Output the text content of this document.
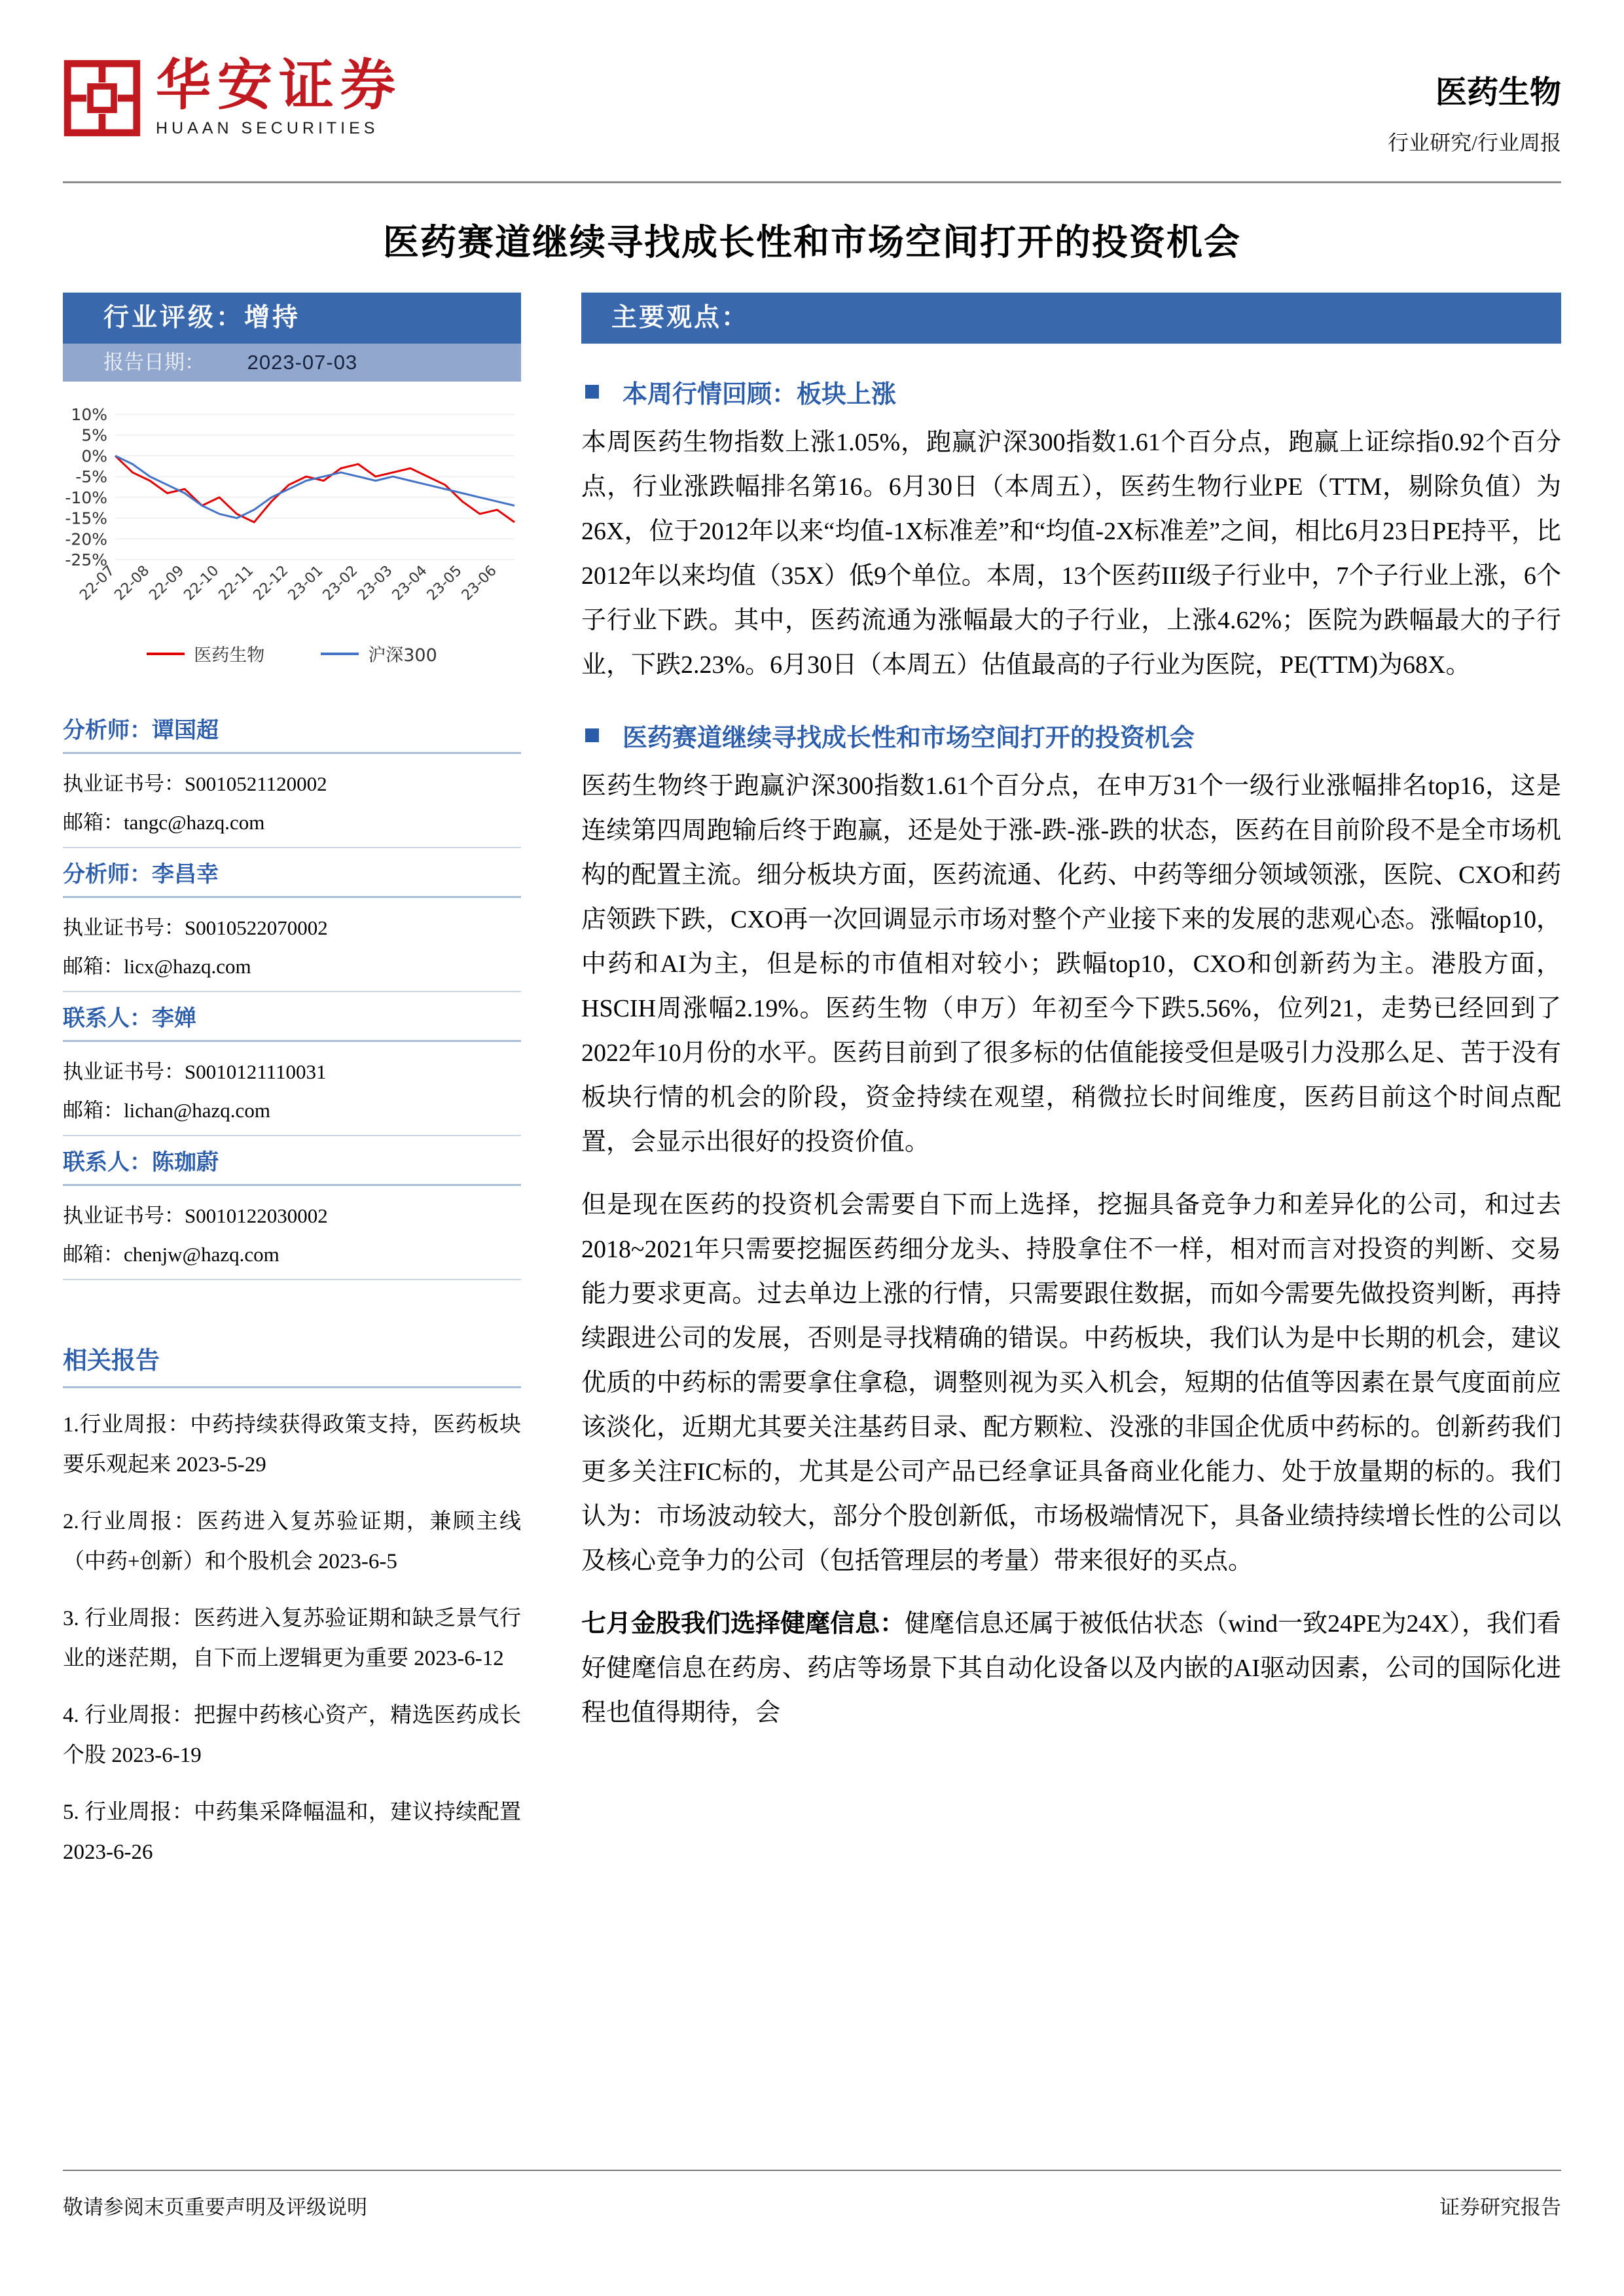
华安证券
HUAAN SECURITIES
医药生物
行业研究/行业周报
医药赛道继续寻找成长性和市场空间打开的投资机会
行业评级：增持
报告日期： 2023-07-03
10%
5%
0%
-5%
-10%
-15%
-20%
-25%
22-07
22-08
22-09
22-10
22-11
22-12
23-01
23-02
23-03
23-04
23-05
23-06
医药生物	沪深300
分析师：谭国超
执业证书号：S0010521120002
邮箱：tangc@hazq.com
分析师：李昌幸
执业证书号：S0010522070002
邮箱：licx@hazq.com
联系人：李婵
执业证书号：S0010121110031
邮箱：lichan@hazq.com
联系人：陈珈蔚
执业证书号：S0010122030002
邮箱：chenjw@hazq.com
相关报告

1.行业周报：中药持续获得政策支持，医药板块要乐观起来 2023-5-29

2.行业周报：医药进入复苏验证期，兼顾主线（中药+创新）和个股机会 2023-6-5

3. 行业周报：医药进入复苏验证期和缺乏景气行业的迷茫期，自下而上逻辑更为重要 2023-6-12

4. 行业周报：把握中药核心资产，精选医药成长个股 2023-6-19

5. 行业周报：中药集采降幅温和，建议持续配置 2023-6-26

主要观点：
本周行情回顾：板块上涨

本周医药生物指数上涨1.05%，跑赢沪深300指数1.61个百分点，跑赢上证综指0.92个百分点，行业涨跌幅排名第16。6月30日（本周五），医药生物行业PE（TTM，剔除负值）为26X，位于2012年以来“均值-1X标准差”和“均值-2X标准差”之间，相比6月23日PE持平，比2012年以来均值（35X）低9个单位。本周，13个医药III级子行业中，7个子行业上涨，6个子行业下跌。其中，医药流通为涨幅最大的子行业，上涨4.62%；医院为跌幅最大的子行业，下跌2.23%。6月30日（本周五）估值最高的子行业为医院，PE(TTM)为68X。

医药赛道继续寻找成长性和市场空间打开的投资机会

医药生物终于跑赢沪深300指数1.61个百分点，在申万31个一级行业涨幅排名top16，这是连续第四周跑输后终于跑赢，还是处于涨-跌-涨-跌的状态，医药在目前阶段不是全市场机构的配置主流。细分板块方面，医药流通、化药、中药等细分领域领涨，医院、CXO和药店领跌下跌，CXO再一次回调显示市场对整个产业接下来的发展的悲观心态。涨幅top10，中药和AI为主，但是标的市值相对较小；跌幅top10，CXO和创新药为主。港股方面，HSCIH周涨幅2.19%。医药生物（申万）年初至今下跌5.56%，位列21，走势已经回到了2022年10月份的水平。医药目前到了很多标的估值能接受但是吸引力没那么足、苦于没有板块行情的机会的阶段，资金持续在观望，稍微拉长时间维度，医药目前这个时间点配置，会显示出很好的投资价值。

但是现在医药的投资机会需要自下而上选择，挖掘具备竞争力和差异化的公司，和过去2018~2021年只需要挖掘医药细分龙头、持股拿住不一样，相对而言对投资的判断、交易能力要求更高。过去单边上涨的行情，只需要跟住数据，而如今需要先做投资判断，再持续跟进公司的发展，否则是寻找精确的错误。中药板块，我们认为是中长期的机会，建议优质的中药标的需要拿住拿稳，调整则视为买入机会，短期的估值等因素在景气度面前应该淡化，近期尤其要关注基药目录、配方颗粒、没涨的非国企优质中药标的。创新药我们更多关注FIC标的，尤其是公司产品已经拿证具备商业化能力、处于放量期的标的。我们认为：市场波动较大，部分个股创新低，市场极端情况下，具备业绩持续增长性的公司以及核心竞争力的公司（包括管理层的考量）带来很好的买点。

七月金股我们选择健麾信息：健麾信息还属于被低估状态（wind一致24PE为24X），我们看好健麾信息在药房、药店等场景下其自动化设备以及内嵌的AI驱动因素，公司的国际化进程也值得期待，会

敬请参阅末页重要声明及评级说明	证券研究报告
